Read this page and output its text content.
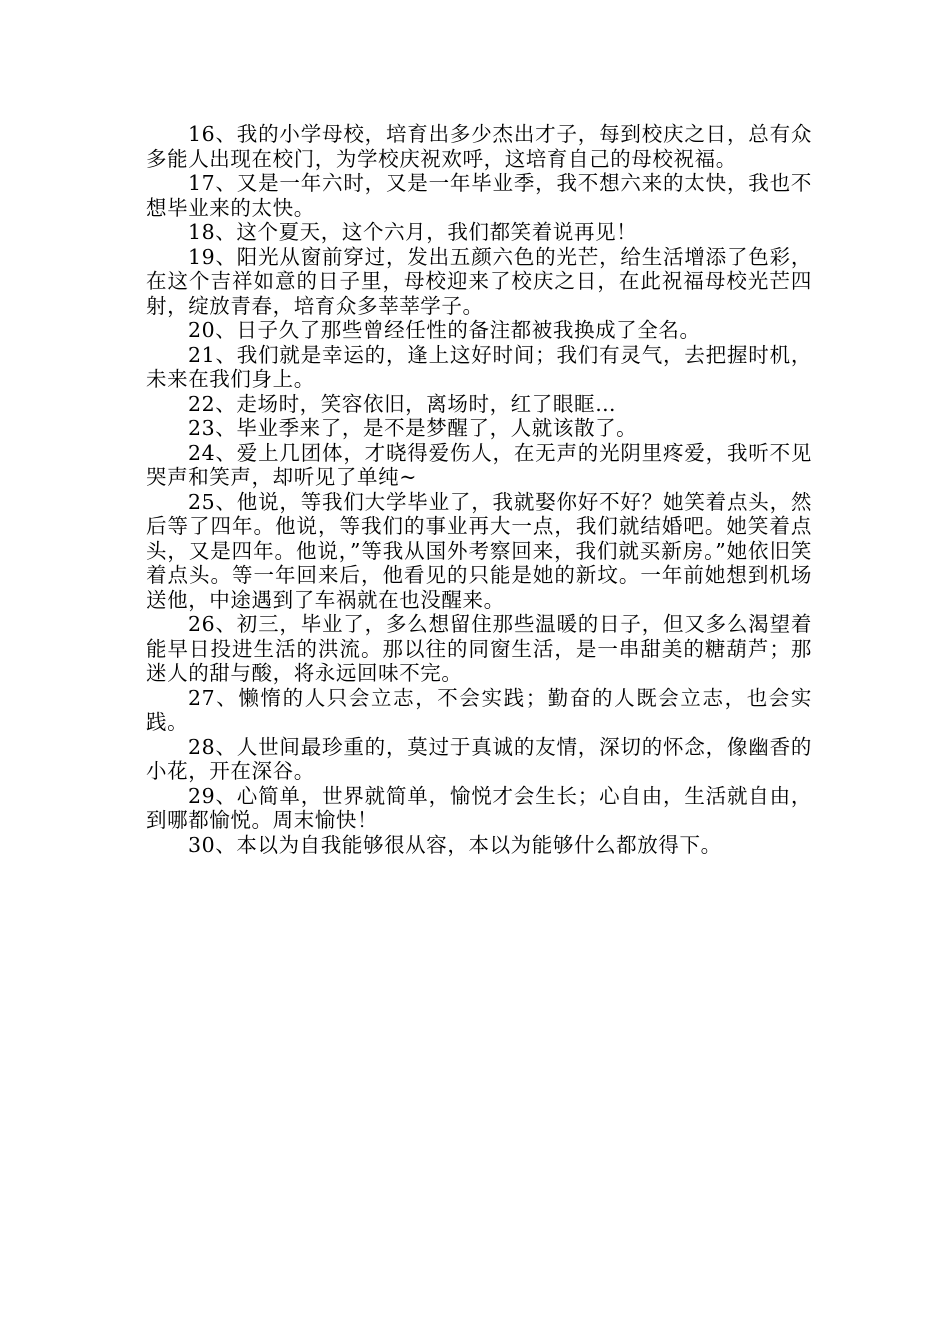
16、我的小学母校，培育出多少杰出才子，每到校庆之日，总有众多能人出现在校门，为学校庆祝欢呼，这培育自己的母校祝福。

17、又是一年六时，又是一年毕业季，我不想六来的太快，我也不想毕业来的太快。

18、这个夏天，这个六月，我们都笑着说再见！

19、阳光从窗前穿过，发出五颜六色的光芒，给生活增添了色彩，在这个吉祥如意的日子里，母校迎来了校庆之日，在此祝福母校光芒四射，绽放青春，培育众多莘莘学子。

20、日子久了那些曾经任性的备注都被我换成了全名。

21、我们就是幸运的，逢上这好时间；我们有灵气，去把握时机，未来在我们身上。

22、走场时，笑容依旧，离场时，红了眼眶…

23、毕业季来了，是不是梦醒了，人就该散了。

24、爱上几团体，才晓得爱伤人，在无声的光阴里疼爱，我听不见哭声和笑声，却听见了单纯~

25、他说，等我们大学毕业了，我就娶你好不好？她笑着点头，然后等了四年。他说，等我们的事业再大一点，我们就结婚吧。她笑着点头，又是四年。他说，”等我从国外考察回来，我们就买新房。”她依旧笑着点头。等一年回来后，他看见的只能是她的新坟。一年前她想到机场送他，中途遇到了车祸就在也没醒来。

26、初三，毕业了，多么想留住那些温暖的日子，但又多么渴望着能早日投进生活的洪流。那以往的同窗生活，是一串甜美的糖葫芦；那迷人的甜与酸，将永远回味不完。

27、懒惰的人只会立志，不会实践；勤奋的人既会立志，也会实践。

28、人世间最珍重的，莫过于真诚的友情，深切的怀念，像幽香的小花，开在深谷。

29、心简单，世界就简单，愉悦才会生长；心自由，生活就自由，到哪都愉悦。周末愉快！

30、本以为自我能够很从容，本以为能够什么都放得下。
